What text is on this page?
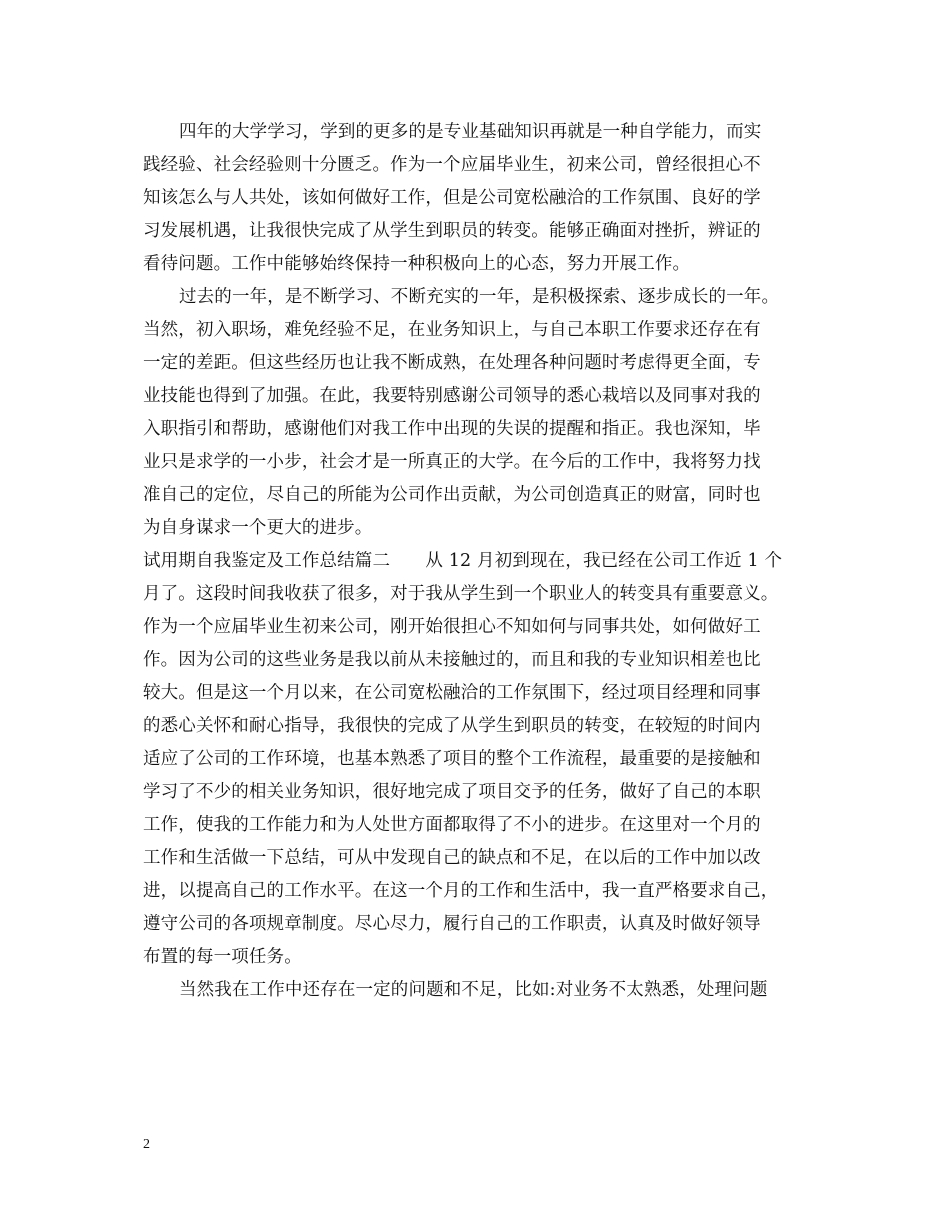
四年的大学学习，学到的更多的是专业基础知识再就是一种自学能力，而实
践经验、社会经验则十分匮乏。作为一个应届毕业生，初来公司，曾经很担心不
知该怎么与人共处，该如何做好工作，但是公司宽松融洽的工作氛围、良好的学
习发展机遇，让我很快完成了从学生到职员的转变。能够正确面对挫折，辨证的
看待问题。工作中能够始终保持一种积极向上的心态，努力开展工作。
过去的一年，是不断学习、不断充实的一年，是积极探索、逐步成长的一年。
当然，初入职场，难免经验不足，在业务知识上，与自己本职工作要求还存在有
一定的差距。但这些经历也让我不断成熟，在处理各种问题时考虑得更全面，专
业技能也得到了加强。在此，我要特别感谢公司领导的悉心栽培以及同事对我的
入职指引和帮助，感谢他们对我工作中出现的失误的提醒和指正。我也深知，毕
业只是求学的一小步，社会才是一所真正的大学。在今后的工作中，我将努力找
准自己的定位，尽自己的所能为公司作出贡献，为公司创造真正的财富，同时也
为自身谋求一个更大的进步。
试用期自我鉴定及工作总结篇二　　从 12 月初到现在，我已经在公司工作近 1 个
月了。这段时间我收获了很多，对于我从学生到一个职业人的转变具有重要意义。
作为一个应届毕业生初来公司，刚开始很担心不知如何与同事共处，如何做好工
作。因为公司的这些业务是我以前从未接触过的，而且和我的专业知识相差也比
较大。但是这一个月以来，在公司宽松融洽的工作氛围下，经过项目经理和同事
的悉心关怀和耐心指导，我很快的完成了从学生到职员的转变，在较短的时间内
适应了公司的工作环境，也基本熟悉了项目的整个工作流程，最重要的是接触和
学习了不少的相关业务知识，很好地完成了项目交予的任务，做好了自己的本职
工作，使我的工作能力和为人处世方面都取得了不小的进步。在这里对一个月的
工作和生活做一下总结，可从中发现自己的缺点和不足，在以后的工作中加以改
进，以提高自己的工作水平。在这一个月的工作和生活中，我一直严格要求自己，
遵守公司的各项规章制度。尽心尽力，履行自己的工作职责，认真及时做好领导
布置的每一项任务。
当然我在工作中还存在一定的问题和不足，比如:对业务不太熟悉，处理问题
2
